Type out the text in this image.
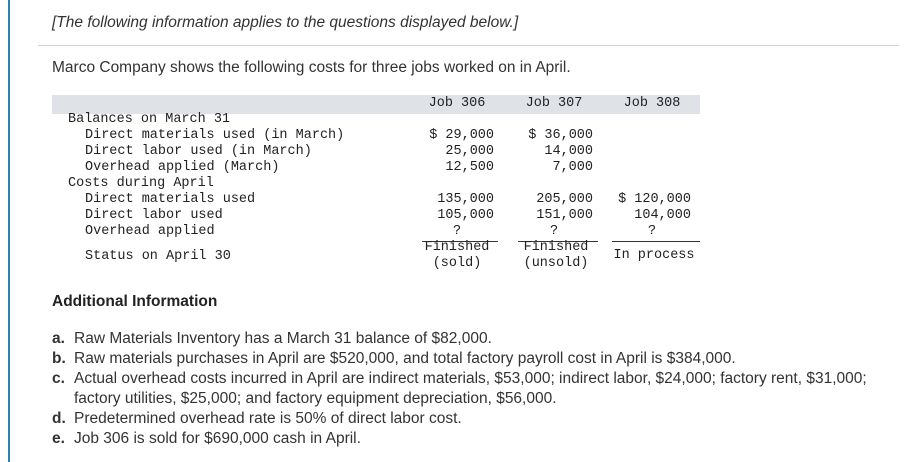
[The following information applies to the questions displayed below.]
Marco Company shows the following costs for three jobs worked on in April.
Job 306	Job 307	Job 308
Balances on March 31
Direct materials used (in March)
Direct labor used (in March)
Overhead applied (March)
Costs during April
Direct materials used
Direct labor used
Overhead applied
Status on April 30
$ 29,000
25,000
12,500
135,000
105,000
?
Finished
(sold)
$ 36,000
14,000
7,000
205,000
151,000
?
Finished
(unsold)
$ 120,000
104,000
?
In process
Additional Information
a. Raw Materials Inventory has a March 31 balance of $82,000.
b. Raw materials purchases in April are $520,000, and total factory payroll cost in April is $384,000.
c. Actual overhead costs incurred in April are indirect materials, $53,000; indirect labor, $24,000; factory rent, $31,000; factory utilities, $25,000; and factory equipment depreciation, $56,000.
d. Predetermined overhead rate is 50% of direct labor cost.
e. Job 306 is sold for $690,000 cash in April.
